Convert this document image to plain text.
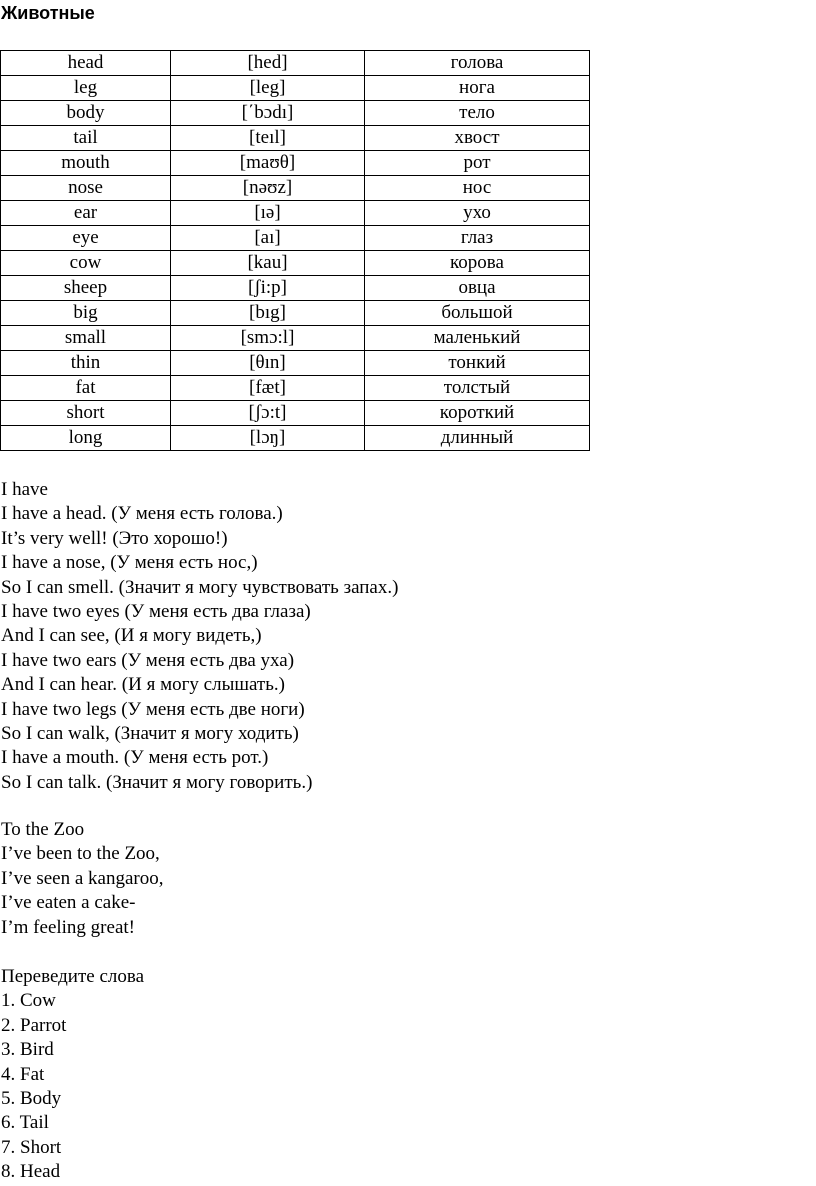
Животные
head	[hed]	голова
leg	[leg]	нога
body	[΄bɔdı]	тело
tail	[teıl]	хвост
mouth	[maʊθ]	рот
nose	[nəʊz]	нос
ear	[ıə]	ухо
eye	[aı]	глаз
cow	[kau]	корова
sheep	[ʃi:p]	овца
big	[bıg]	большой
small	[smɔ:l]	маленький
thin	[θın]	тонкий
fat	[fæt]	толстый
short	[ʃɔ:t]	короткий
long	[lɔŋ]	длинный
I have
I have a head. (У меня есть голова.)
It’s very well! (Это хорошо!)
I have a nose, (У меня есть нос,)
So I can smell. (Значит я могу чувствовать запах.)
I have two eyes (У меня есть два глаза)
And I can see, (И я могу видеть,)
I have two ears (У меня есть два уха)
And I can hear. (И я могу слышать.)
I have two legs (У меня есть две ноги)
So I can walk, (Значит я могу ходить)
I have a mouth. (У меня есть рот.)
So I can talk. (Значит я могу говорить.)
To the Zoo
I’ve been to the Zoo,
I’ve seen a kangaroo,
I’ve eaten a cake-
I’m feeling great!
Переведите слова
1. Cow
2. Parrot
3. Bird
4. Fat
5. Body
6. Tail
7. Short
8. Head
